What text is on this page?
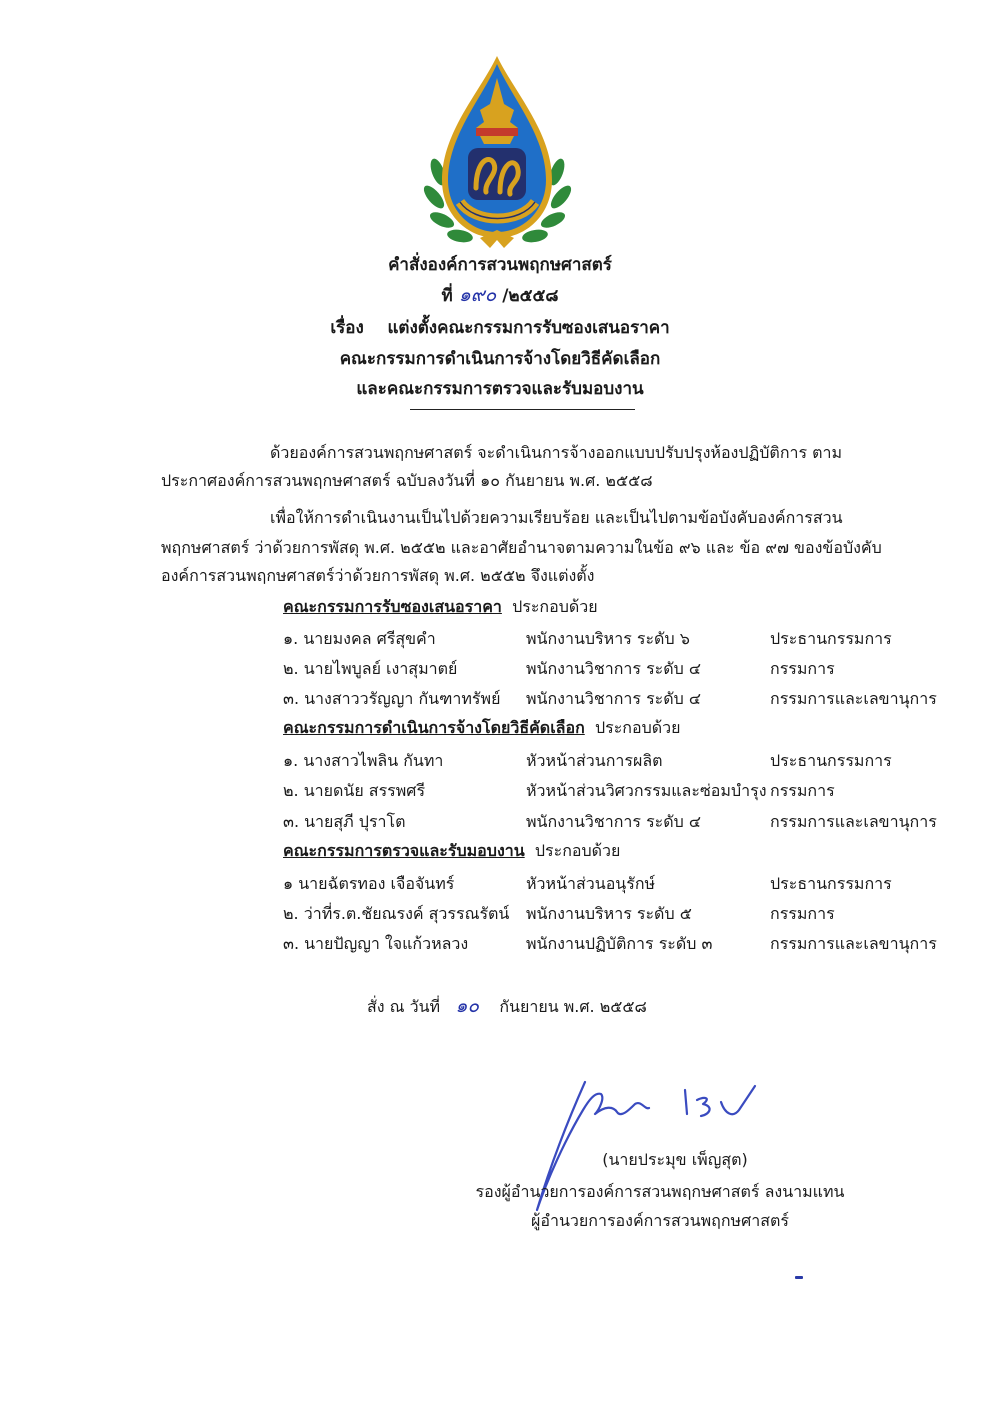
คำสั่งองค์การสวนพฤกษศาสตร์
ที่ ๑๙๐ /๒๕๕๘
เรื่อง แต่งตั้งคณะกรรมการรับซองเสนอราคา
คณะกรรมการดำเนินการจ้างโดยวิธีคัดเลือก
และคณะกรรมการตรวจและรับมอบงาน
ด้วยองค์การสวนพฤกษศาสตร์ จะดำเนินการจ้างออกแบบปรับปรุงห้องปฏิบัติการ ตาม
ประกาศองค์การสวนพฤกษศาสตร์ ฉบับลงวันที่ ๑๐ กันยายน พ.ศ. ๒๕๕๘
เพื่อให้การดำเนินงานเป็นไปด้วยความเรียบร้อย และเป็นไปตามข้อบังคับองค์การสวน
พฤกษศาสตร์ ว่าด้วยการพัสดุ พ.ศ. ๒๕๕๒ และอาศัยอำนาจตามความในข้อ ๙๖ และ ข้อ ๙๗ ของข้อบังคับ
องค์การสวนพฤกษศาสตร์ว่าด้วยการพัสดุ พ.ศ. ๒๕๕๒ จึงแต่งตั้ง
คณะกรรมการรับซองเสนอราคา ประกอบด้วย
๑. นายมงคล ศรีสุขคำ	พนักงานบริหาร ระดับ ๖	ประธานกรรมการ
๒. นายไพบูลย์ เงาสุมาตย์	พนักงานวิชาการ ระดับ ๔	กรรมการ
๓. นางสาววรัญญา กันฑาทรัพย์ พนักงานวิชาการ ระดับ ๔	กรรมการและเลขานุการ
คณะกรรมการดำเนินการจ้างโดยวิธีคัดเลือก ประกอบด้วย
๑. นางสาวไพลิน กันทา	หัวหน้าส่วนการผลิต	ประธานกรรมการ
๒. นายดนัย สรรพศรี	หัวหน้าส่วนวิศวกรรมและซ่อมบำรุง กรรมการ
๓. นายสุภี ปุราโต	พนักงานวิชาการ ระดับ ๔	กรรมการและเลขานุการ
คณะกรรมการตรวจและรับมอบงาน ประกอบด้วย
๑ นายฉัตรทอง เจือจันทร์	หัวหน้าส่วนอนุรักษ์	ประธานกรรมการ
๒. ว่าที่ร.ต.ชัยณรงค์ สุวรรณรัตน์ พนักงานบริหาร ระดับ ๕	กรรมการ
๓. นายปัญญา ใจแก้วหลวง	พนักงานปฏิบัติการ ระดับ ๓	กรรมการและเลขานุการ
สั่ง ณ วันที่ ๑๐ กันยายน พ.ศ. ๒๕๕๘
(นายประมุข เพ็ญสุต)
รองผู้อำนวยการองค์การสวนพฤกษศาสตร์ ลงนามแทน
ผู้อำนวยการองค์การสวนพฤกษศาสตร์
